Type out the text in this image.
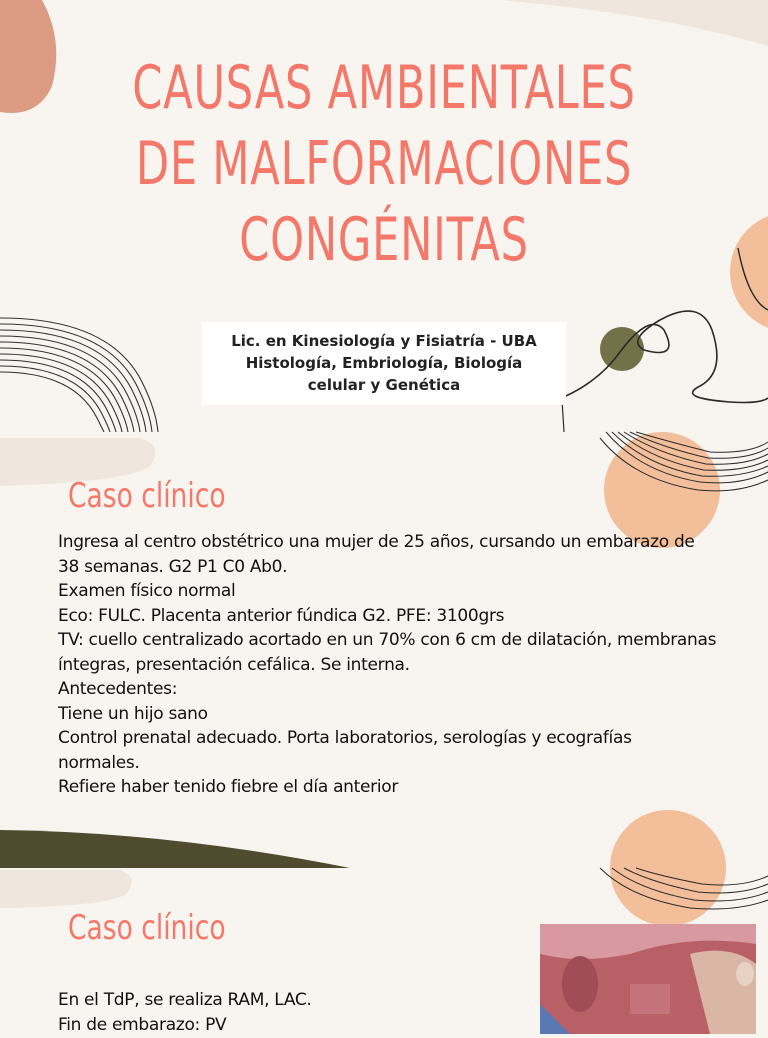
CAUSAS AMBIENTALES
DE MALFORMACIONES
CONGÉNITAS
Lic. en Kinesiología y Fisiatría - UBA
Histología, Embriología, Biología
celular y Genética
Caso clínico
Ingresa al centro obstétrico una mujer de 25 años, cursando un embarazo de 38 semanas. G2 P1 C0 Ab0.
Examen físico normal
Eco: FULC. Placenta anterior fúndica G2. PFE: 3100grs
TV: cuello centralizado acortado en un 70% con 6 cm de dilatación, membranas íntegras, presentación cefálica. Se interna.
Antecedentes:
Tiene un hijo sano
Control prenatal adecuado. Porta laboratorios, serologías y ecografías normales.
Refiere haber tenido fiebre el día anterior
Caso clínico
En el TdP, se realiza RAM, LAC.
Fin de embarazo: PV
